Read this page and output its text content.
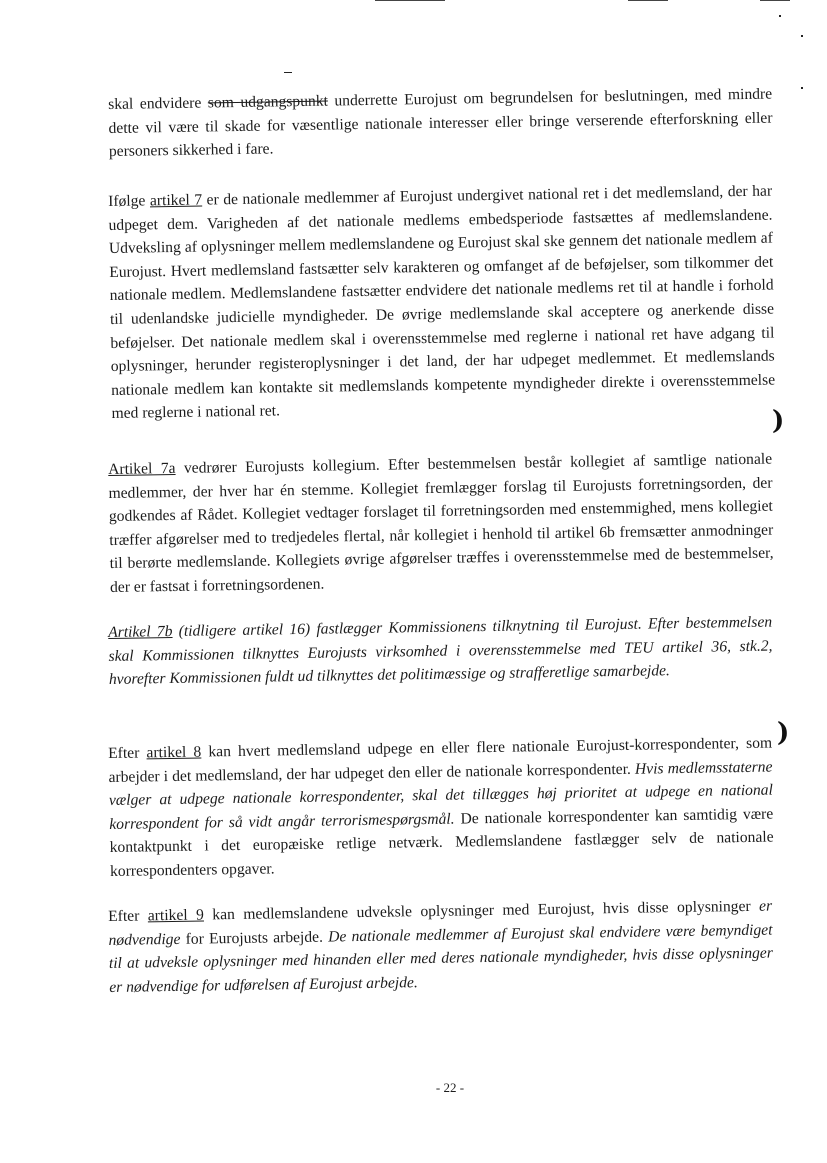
skal endvidere som udgangspunkt underrette Eurojust om begrundelsen for beslutningen, med mindre dette vil være til skade for væsentlige nationale interesser eller bringe verserende efterforskning eller personers sikkerhed i fare.
Ifølge artikel 7 er de nationale medlemmer af Eurojust undergivet national ret i det medlemsland, der har udpeget dem. Varigheden af det nationale medlems embedsperiode fastsættes af medlemslandene. Udveksling af oplysninger mellem medlemslandene og Eurojust skal ske gennem det nationale medlem af Eurojust. Hvert medlemsland fastsætter selv karakteren og omfanget af de beføjelser, som tilkommer det nationale medlem. Medlemslandene fastsætter endvidere det nationale medlems ret til at handle i forhold til udenlandske judicielle myndigheder. De øvrige medlemslande skal acceptere og anerkende disse beføjelser. Det nationale medlem skal i overensstemmelse med reglerne i national ret have adgang til oplysninger, herunder registeroplysninger i det land, der har udpeget medlemmet. Et medlemslands nationale medlem kan kontakte sit medlemslands kompetente myndigheder direkte i overensstemmelse med reglerne i national ret.
Artikel 7a vedrører Eurojusts kollegium. Efter bestemmelsen består kollegiet af samtlige nationale medlemmer, der hver har én stemme. Kollegiet fremlægger forslag til Eurojusts forretningsorden, der godkendes af Rådet. Kollegiet vedtager forslaget til forretningsorden med enstemmighed, mens kollegiet træffer afgørelser med to tredjedeles flertal, når kollegiet i henhold til artikel 6b fremsætter anmodninger til berørte medlemslande. Kollegiets øvrige afgørelser træffes i overensstemmelse med de bestemmelser, der er fastsat i forretningsordenen.
Artikel 7b (tidligere artikel 16) fastlægger Kommissionens tilknytning til Eurojust. Efter bestemmelsen skal Kommissionen tilknyttes Eurojusts virksomhed i overensstemmelse med TEU artikel 36, stk.2, hvorefter Kommissionen fuldt ud tilknyttes det politimæssige og strafferetlige samarbejde.
Efter artikel 8 kan hvert medlemsland udpege en eller flere nationale Eurojust-korrespondenter, som arbejder i det medlemsland, der har udpeget den eller de nationale korrespondenter. Hvis medlemsstaterne vælger at udpege nationale korrespondenter, skal det tillægges høj prioritet at udpege en national korrespondent for så vidt angår terrorismespørgsmål. De nationale korrespondenter kan samtidig være kontaktpunkt i det europæiske retlige netværk. Medlemslandene fastlægger selv de nationale korrespondenters opgaver.
Efter artikel 9 kan medlemslandene udveksle oplysninger med Eurojust, hvis disse oplysninger er nødvendige for Eurojusts arbejde. De nationale medlemmer af Eurojust skal endvidere være bemyndiget til at udveksle oplysninger med hinanden eller med deres nationale myndigheder, hvis disse oplysninger er nødvendige for udførelsen af Eurojust arbejde.
)
)
- 22 -
